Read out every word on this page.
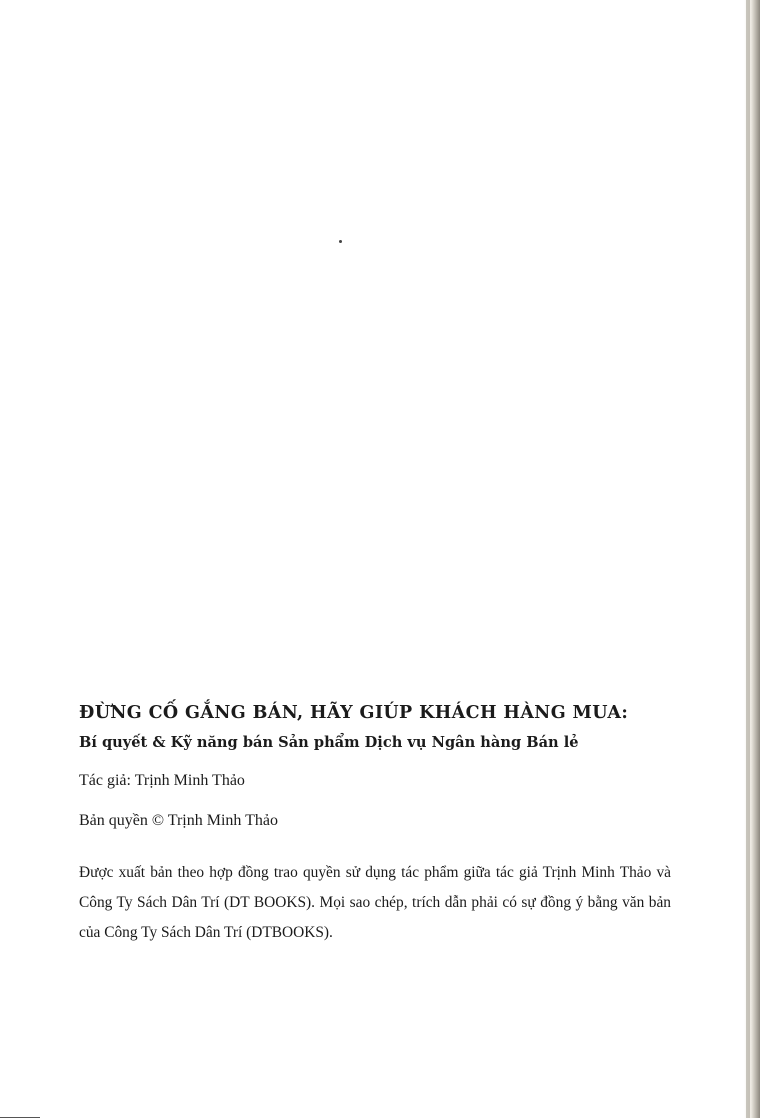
ĐỪNG CỐ GẮNG BÁN, HÃY GIÚP KHÁCH HÀNG MUA:

Bí quyết & Kỹ năng bán Sản phẩm Dịch vụ Ngân hàng Bán lẻ

Tác giả: Trịnh Minh Thảo

Bản quyền © Trịnh Minh Thảo

Được xuất bản theo hợp đồng trao quyền sử dụng tác phẩm giữa tác giả Trịnh Minh Thảo và Công Ty Sách Dân Trí (DT BOOKS). Mọi sao chép, trích dẫn phải có sự đồng ý bằng văn bản của Công Ty Sách Dân Trí (DTBOOKS).
